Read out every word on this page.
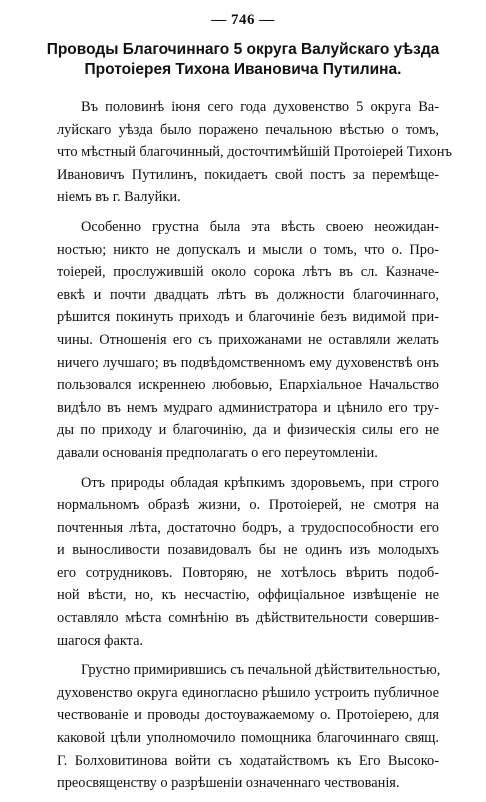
— 746 —
Проводы Благочиннаго 5 округа Валуйскаго уѣзда
Протоіерея Тихона Ивановича Путилина.
Въ половинѣ іюня сего года духовенство 5 округа Ва-
луйскаго уѣзда было пораженo печальною вѣстью о томъ,
что мѣстный благочинный, досточтимѣйшій Протоіерей Тихонъ
Ивановичъ Путилинъ, покидаетъ свой постъ за перемѣще-
ніемъ въ г. Валуйки.
Особенно грустна была эта вѣсть своею неожидан-
ностью; никто не допускалъ и мысли о томъ, что о. Про-
тоіерей, прослужившій около сорока лѣтъ въ сл. Казначе-
евкѣ и почти двадцать лѣтъ въ должности благочиннаго,
рѣшится покинуть приходъ и благочиніе безъ видимой при-
чины. Отношенія его съ прихожанами не оставляли желать
ничего лучшаго; въ подвѣдомственномъ ему духовенствѣ онъ
пользовался искреннею любовью, Епархіальное Начальство
видѣло въ немъ мудраго администратора и цѣнило его тру-
ды по приходу и благочинію, да и физическія силы его не
давали основанія предполагать о его переутомленіи.
Отъ природы обладая крѣпкимъ здоровьемъ, при строго
нормальномъ образѣ жизни, о. Протоіерей, не смотря на
почтенныя лѣта, достаточно бодръ, а трудоспособности его
и выносливости позавидовалъ бы не одинъ изъ молодыхъ
его сотрудниковъ. Повторяю, не хотѣлось вѣрить подоб-
ной вѣсти, но, къ несчастію, оффиціальное извѣщеніе не
оставляло мѣста сомнѣнію въ дѣйствительности совершив-
шагося факта.
Грустно примирившись съ печальной дѣйствительностью,
духовенство округа единогласно рѣшило устроить публичное
чествованіе и проводы достоуважаемому о. Протоіерею, для
каковой цѣли уполномочило помощника благочиннаго свящ.
Г. Болховитинова войти съ ходатайствомъ къ Его Высоко-
преосвященству о разрѣшеніи означеннаго чествованія.
